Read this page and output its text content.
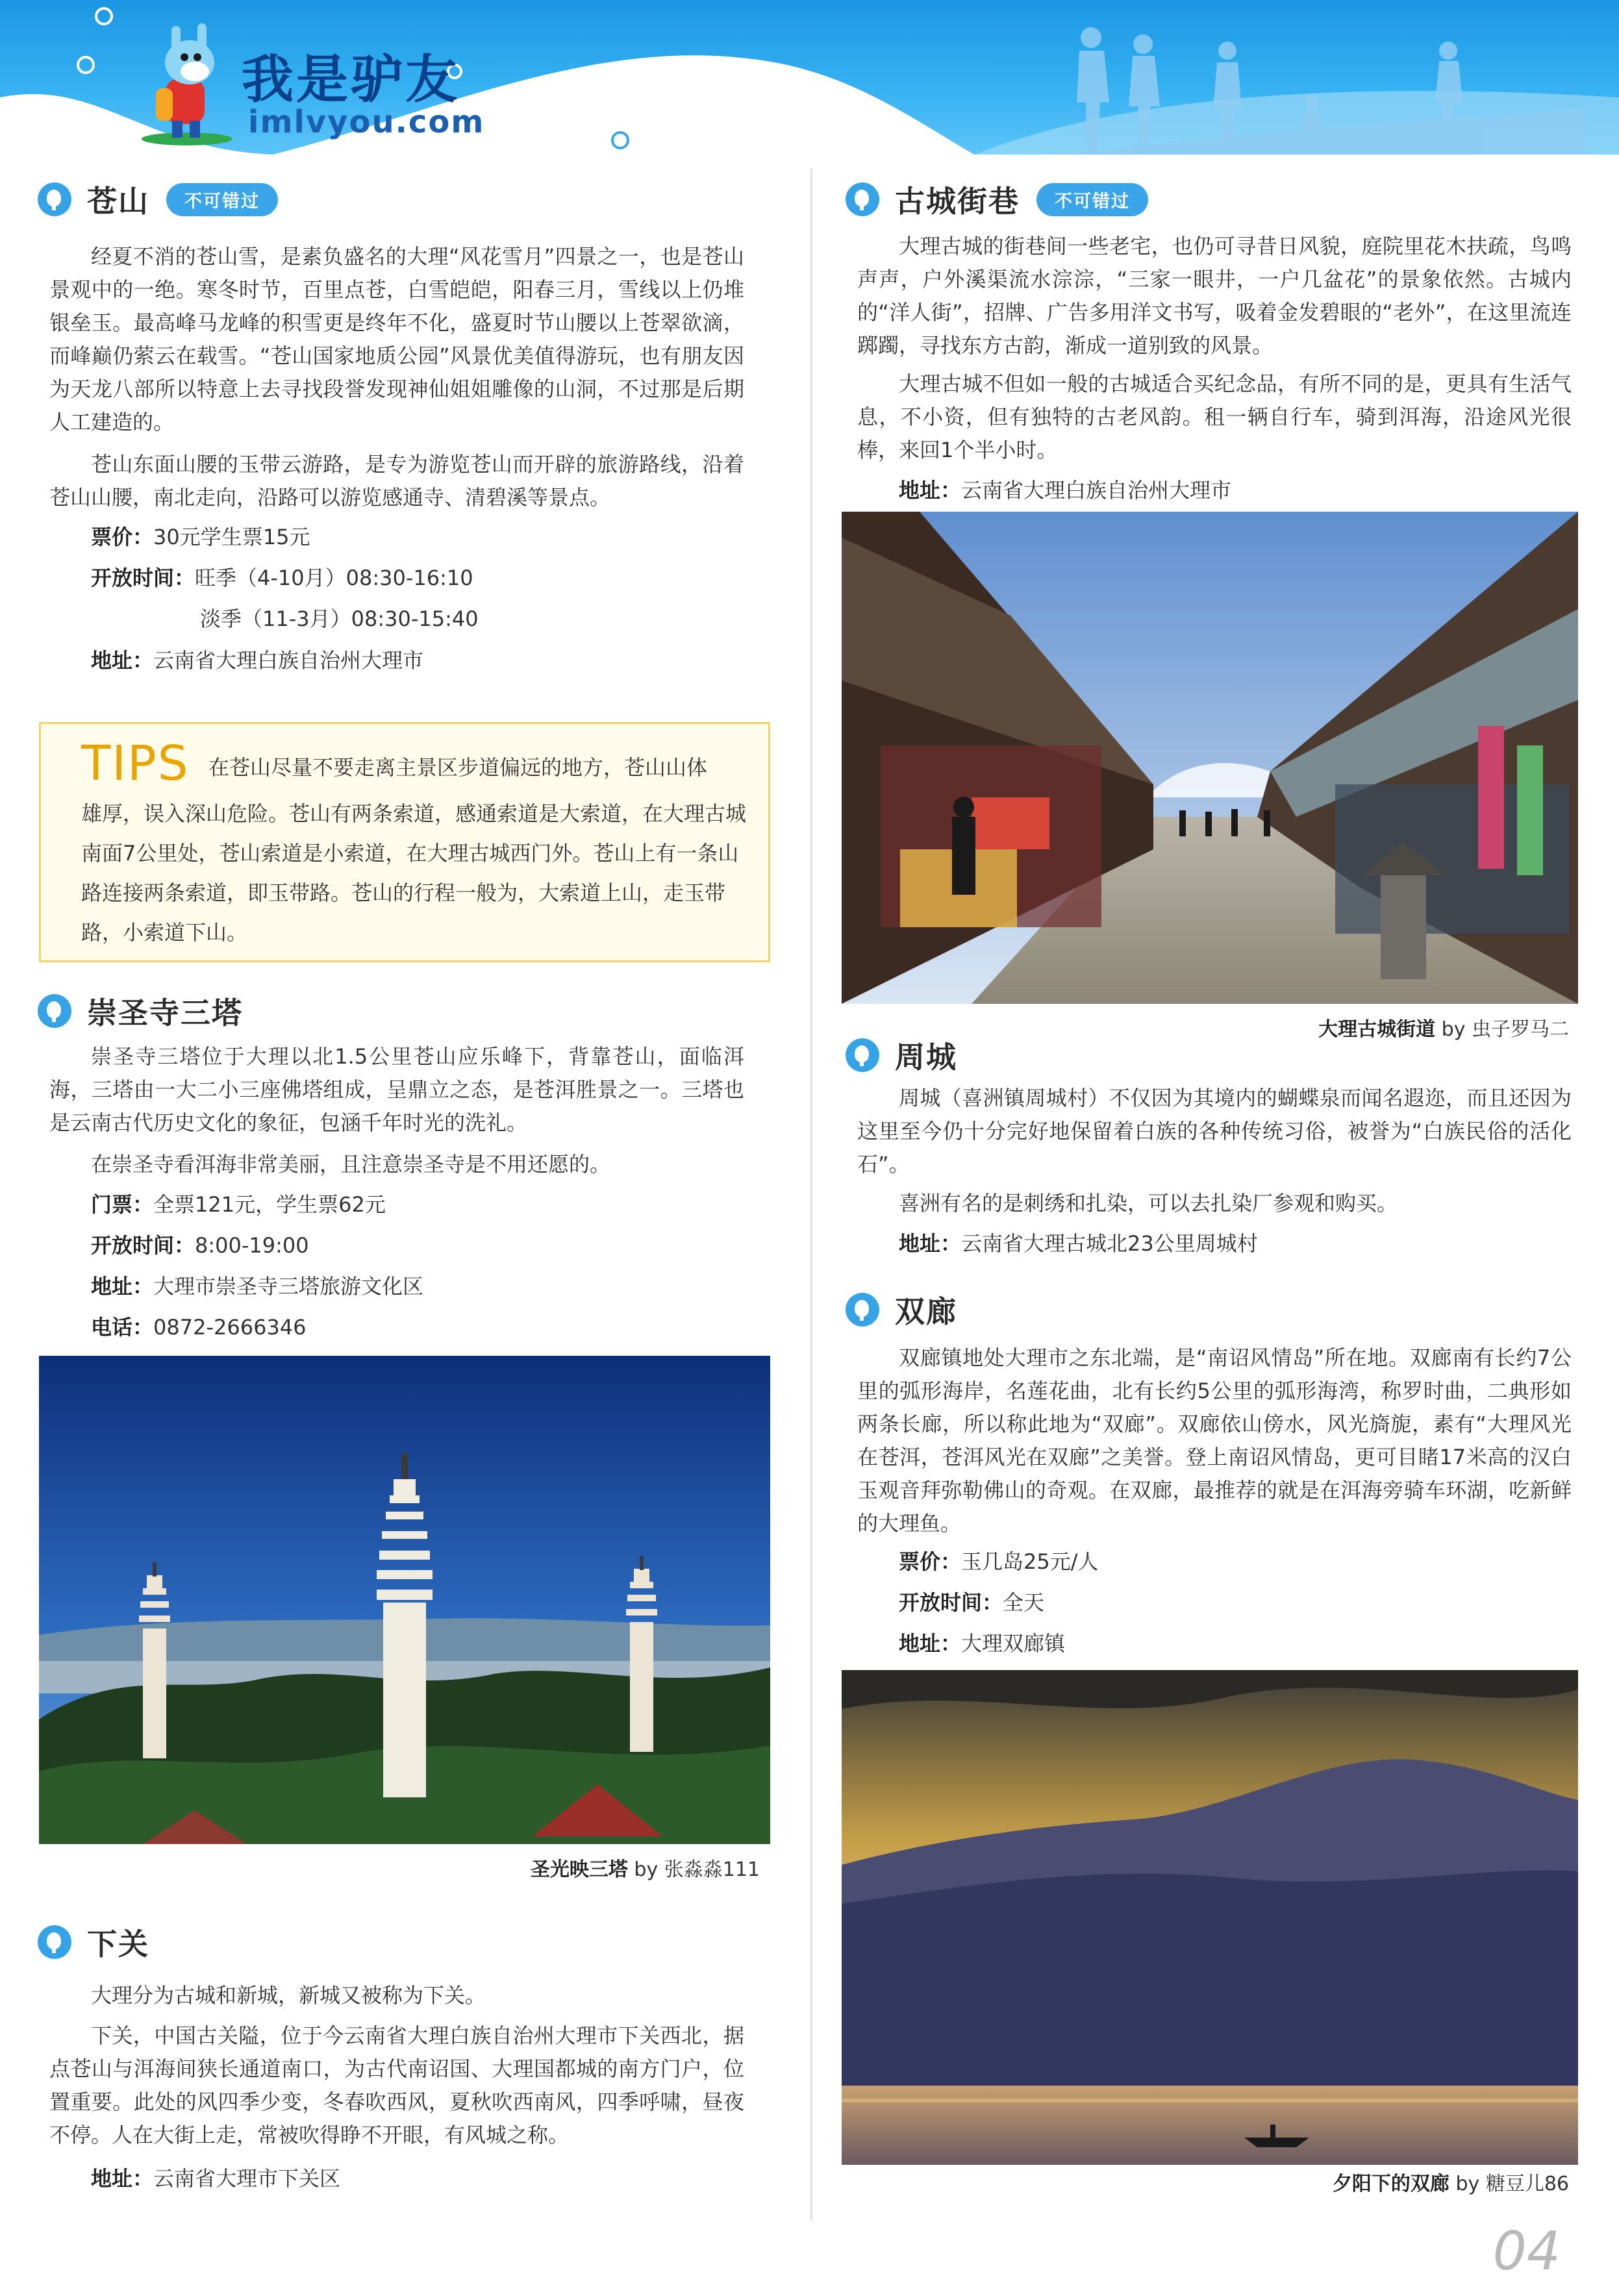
我是驴友
imlvyou.com
苍山	不可错过
经夏不消的苍山雪，是素负盛名的大理“风花雪月”四景之一，也是苍山景观中的一绝。寒冬时节，百里点苍，白雪皑皑，阳春三月，雪线以上仍堆银垒玉。最高峰马龙峰的积雪更是终年不化，盛夏时节山腰以上苍翠欲滴，而峰巅仍萦云在载雪。“苍山国家地质公园”风景优美值得游玩，也有朋友因为天龙八部所以特意上去寻找段誉发现神仙姐姐雕像的山洞，不过那是后期人工建造的。
苍山东面山腰的玉带云游路，是专为游览苍山而开辟的旅游路线，沿着苍山山腰，南北走向，沿路可以游览感通寺、清碧溪等景点。
票价：30元学生票15元
开放时间：旺季（4-10月）08:30-16:10
淡季（11-3月）08:30-15:40
地址：云南省大理白族自治州大理市
TIPS 在苍山尽量不要走离主景区步道偏远的地方，苍山山体
雄厚，误入深山危险。苍山有两条索道，感通索道是大索道，在大理古城南面7公里处，苍山索道是小索道，在大理古城西门外。苍山上有一条山路连接两条索道，即玉带路。苍山的行程一般为，大索道上山，走玉带路，小索道下山。
崇圣寺三塔
崇圣寺三塔位于大理以北1.5公里苍山应乐峰下，背靠苍山，面临洱海，三塔由一大二小三座佛塔组成，呈鼎立之态，是苍洱胜景之一。三塔也是云南古代历史文化的象征，包涵千年时光的洗礼。
在崇圣寺看洱海非常美丽，且注意崇圣寺是不用还愿的。
门票：全票121元，学生票62元
开放时间：8:00-19:00
地址：大理市崇圣寺三塔旅游文化区
电话：0872-2666346
圣光映三塔 by 张淼淼111
下关
大理分为古城和新城，新城又被称为下关。
下关，中国古关隘，位于今云南省大理白族自治州大理市下关西北，据点苍山与洱海间狭长通道南口，为古代南诏国、大理国都城的南方门户，位置重要。此处的风四季少变，冬春吹西风，夏秋吹西南风，四季呼啸，昼夜不停。人在大街上走，常被吹得睁不开眼，有风城之称。
地址：云南省大理市下关区
古城街巷	不可错过
大理古城的街巷间一些老宅，也仍可寻昔日风貌，庭院里花木扶疏，鸟鸣声声，户外溪渠流水淙淙，“三家一眼井，一户几盆花”的景象依然。古城内的“洋人街”，招牌、广告多用洋文书写，吸着金发碧眼的“老外”，在这里流连踯躅，寻找东方古韵，渐成一道别致的风景。
大理古城不但如一般的古城适合买纪念品，有所不同的是，更具有生活气息，不小资，但有独特的古老风韵。租一辆自行车，骑到洱海，沿途风光很棒，来回1个半小时。
地址：云南省大理白族自治州大理市
大理古城街道 by 虫子罗马二
周城
周城（喜洲镇周城村）不仅因为其境内的蝴蝶泉而闻名遐迩，而且还因为这里至今仍十分完好地保留着白族的各种传统习俗，被誉为“白族民俗的活化石”。
喜洲有名的是刺绣和扎染，可以去扎染厂参观和购买。
地址：云南省大理古城北23公里周城村
双廊
双廊镇地处大理市之东北端，是“南诏风情岛”所在地。双廊南有长约7公里的弧形海岸，名莲花曲，北有长约5公里的弧形海湾，称罗时曲，二典形如两条长廊，所以称此地为“双廊”。双廊依山傍水，风光旖旎，素有“大理风光在苍洱，苍洱风光在双廊”之美誉。登上南诏风情岛，更可目睹17米高的汉白玉观音拜弥勒佛山的奇观。在双廊，最推荐的就是在洱海旁骑车环湖，吃新鲜的大理鱼。
票价：玉几岛25元/人
开放时间：全天
地址：大理双廊镇
夕阳下的双廊 by 糖豆儿86
04
